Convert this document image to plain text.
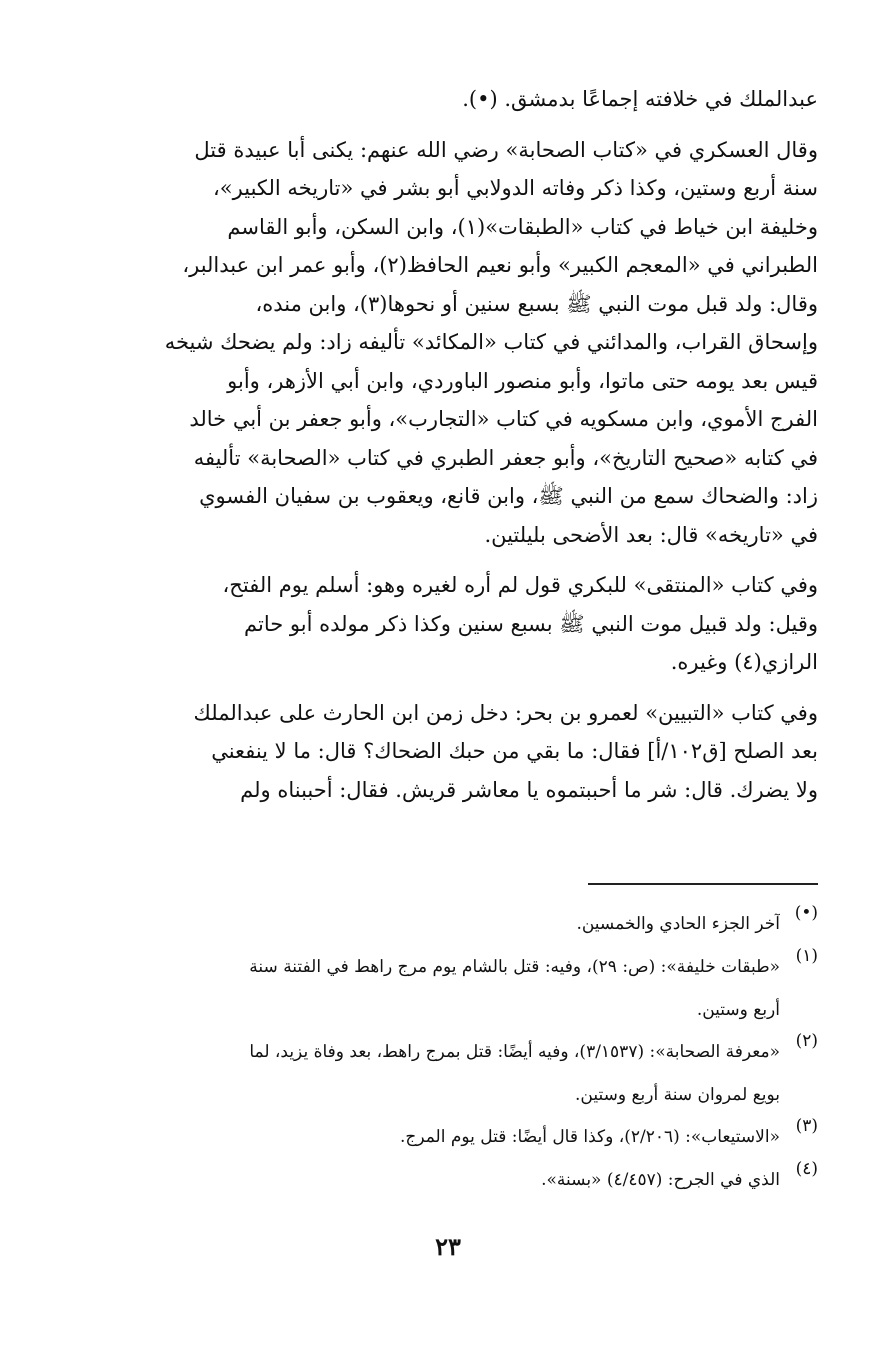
عبدالملك في خلافته إجماعًا بدمشق. (•).
وقال العسكري في «كتاب الصحابة» رضي الله عنهم: يكنى أبا عبيدة قتل
سنة أربع وستين، وكذا ذكر وفاته الدولابي أبو بشر في «تاريخه الكبير»،
وخليفة ابن خياط في كتاب «الطبقات»(١)، وابن السكن، وأبو القاسم
الطبراني في «المعجم الكبير» وأبو نعيم الحافظ(٢)، وأبو عمر ابن عبدالبر،
وقال: ولد قبل موت النبي ﷺ بسبع سنين أو نحوها(٣)، وابن منده،
وإسحاق القراب، والمدائني في كتاب «المكائد» تأليفه زاد: ولم يضحك شيخه
قيس بعد يومه حتى ماتوا، وأبو منصور الباوردي، وابن أبي الأزهر، وأبو
الفرج الأموي، وابن مسكويه في كتاب «التجارب»، وأبو جعفر بن أبي خالد
في كتابه «صحيح التاريخ»، وأبو جعفر الطبري في كتاب «الصحابة» تأليفه
زاد: والضحاك سمع من النبي ﷺ، وابن قانع، ويعقوب بن سفيان الفسوي
في «تاريخه» قال: بعد الأضحى بليلتين.
وفي كتاب «المنتقى» للبكري قول لم أره لغيره وهو: أسلم يوم الفتح،
وقيل: ولد قبيل موت النبي ﷺ بسبع سنين وكذا ذكر مولده أبو حاتم
الرازي(٤) وغيره.
وفي كتاب «التبيين» لعمرو بن بحر: دخل زمن ابن الحارث على عبدالملك
بعد الصلح [ق١٠٢/أ] فقال: ما بقي من حبك الضحاك؟ قال: ما لا ينفعني
ولا يضرك. قال: شر ما أحببتموه يا معاشر قريش. فقال: أحببناه ولم
(•)
آخر الجزء الحادي والخمسين.
(١)
«طبقات خليفة»: (ص: ٢٩)، وفيه: قتل بالشام يوم مرج راهط في الفتنة سنة
أربع وستين.
(٢)
«معرفة الصحابة»: (٣/١٥٣٧)، وفيه أيضًا: قتل بمرج راهط، بعد وفاة يزيد، لما
بويع لمروان سنة أربع وستين.
(٣)
«الاستيعاب»: (٢/٢٠٦)، وكذا قال أيضًا: قتل يوم المرج.
(٤)
الذي في الجرح: (٤/٤٥٧) «بسنة».
٢٣
